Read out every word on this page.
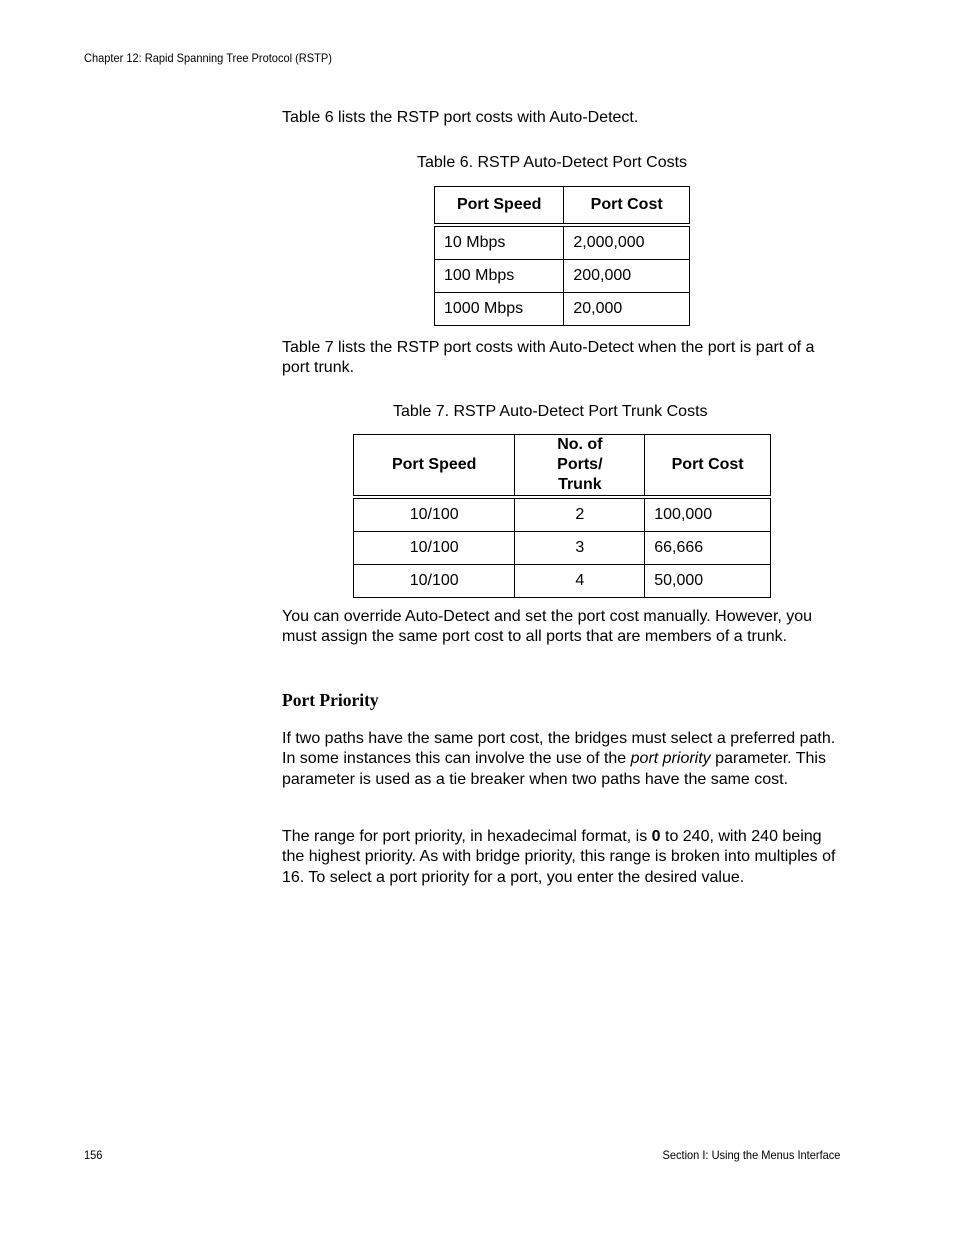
Chapter 12: Rapid Spanning Tree Protocol (RSTP)

Table 6 lists the RSTP port costs with Auto-Detect.

Table 6. RSTP Auto-Detect Port Costs
Port Speed	Port Cost
10 Mbps	2,000,000
100 Mbps	200,000
1000 Mbps	20,000

Table 7 lists the RSTP port costs with Auto-Detect when the port is part of a port trunk.

Table 7. RSTP Auto-Detect Port Trunk Costs
Port Speed	No. of Ports/ Trunk	Port Cost
10/100	2	100,000
10/100	3	66,666
10/100	4	50,000

You can override Auto-Detect and set the port cost manually. However, you must assign the same port cost to all ports that are members of a trunk.

Port Priority

If two paths have the same port cost, the bridges must select a preferred path. In some instances this can involve the use of the port priority parameter. This parameter is used as a tie breaker when two paths have the same cost.

The range for port priority, in hexadecimal format, is 0 to 240, with 240 being the highest priority. As with bridge priority, this range is broken into multiples of 16. To select a port priority for a port, you enter the desired value.

156	Section I: Using the Menus Interface
